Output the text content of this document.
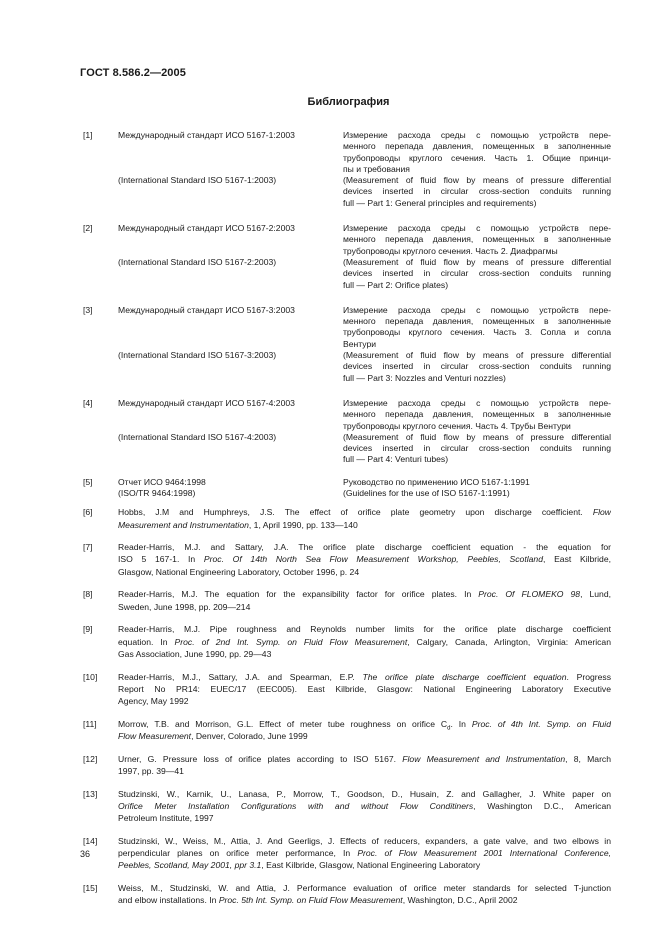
ГОСТ 8.586.2—2005
Библиография
[1]	Международный стандарт ИСО 5167-1:2003	Измерение расхода среды с помощью устройств пере-
менного перепада давления, помещенных в заполненные
трубопроводы круглого сечения. Часть 1. Общие принци-
пы и требования
(International Standard ISO 5167-1:2003)	(Measurement of fluid flow by means of pressure differential
devices inserted in circular cross-section conduits running
full — Part 1: General principles and requirements)
[2]	Международный стандарт ИСО 5167-2:2003	Измерение расхода среды с помощью устройств пере-
менного перепада давления, помещенных в заполненные
трубопроводы круглого сечения. Часть 2. Диафрагмы
(International Standard ISO 5167-2:2003)	(Measurement of fluid flow by means of pressure differential
devices inserted in circular cross-section conduits running
full — Part 2: Orifice plates)
[3]	Международный стандарт ИСО 5167-3:2003	Измерение расхода среды с помощью устройств пере-
менного перепада давления, помещенных в заполненные
трубопроводы круглого сечения. Часть 3. Сопла и сопла
Вентури
(International Standard ISO 5167-3:2003)	(Measurement of fluid flow by means of pressure differential
devices inserted in circular cross-section conduits running
full — Part 3: Nozzles and Venturi nozzles)
[4]	Международный стандарт ИСО 5167-4:2003	Измерение расхода среды с помощью устройств пере-
менного перепада давления, помещенных в заполненные
трубопроводы круглого сечения. Часть 4. Трубы Вентури
(International Standard ISO 5167-4:2003)	(Measurement of fluid flow by means of pressure differential
devices inserted in circular cross-section conduits running
full — Part 4: Venturi tubes)
[5]	Отчет ИСО 9464:1998	Руководство по применению ИСО 5167-1:1991
(ISO/TR 9464:1998)	(Guidelines for the use of ISO 5167-1:1991)
[6]	Hobbs, J.M and Humphreys, J.S. The effect of orifice plate geometry upon discharge coefficient. Flow
Measurement and Instrumentation, 1, April 1990, pp. 133—140
[7]	Reader-Harris, M.J. and Sattary, J.A. The orifice plate discharge coefficient equation - the equation for
ISO 5 167-1. In Proc. Of 14th North Sea Flow Measurement Workshop, Peebles, Scotland, East Kilbride,
Glasgow, National Engineering Laboratory, October 1996, p. 24
[8]	Reader-Harris, M.J. The equation for the expansibility factor for orifice plates. In Proc. Of FLOMEKO 98, Lund,
Sweden, June 1998, pp. 209—214
[9]	Reader-Harris, M.J. Pipe roughness and Reynolds number limits for the orifice plate discharge coefficient
equation. In Proc. of 2nd Int. Symp. on Fluid Flow Measurement, Calgary, Canada, Arlington, Virginia: American
Gas Association, June 1990, pp. 29—43
[10] Reader-Harris, M.J., Sattary, J.A. and Spearman, E.P. The orifice plate discharge coefficient equation. Progress
Report No PR14: EUEC/17 (EEC005). East Kilbride, Glasgow: National Engineering Laboratory Executive
Agency, May 1992
[11] Morrow, T.B. and Morrison, G.L. Effect of meter tube roughness on orifice $C_d$. In Proc. of 4th Int. Symp. on Fluid
Flow Measurement, Denver, Colorado, June 1999
[12] Urner, G. Pressure loss of orifice plates according to ISO 5167. Flow Measurement and Instrumentation, 8, March
1997, pp. 39—41
[13] Studzinski, W., Karnik, U., Lanasa, P., Morrow, T., Goodson, D., Husain, Z. and Gallagher, J. White paper on
Orifice Meter Installation Configurations with and without Flow Conditiners, Washington D.C., American
Petroleum Institute, 1997
[14] Studzinski, W., Weiss, M., Attia, J. And Geerligs, J. Effects of reducers, expanders, a gate valve, and two elbows in
perpendicular planes on orifice meter performance, In Proc. of Flow Measurement 2001 International Conference,
Peebles, Scotland, May 2001, ppr 3.1, East Kilbride, Glasgow, National Engineering Laboratory
[15] Weiss, M., Studzinski, W. and Attia, J. Performance evaluation of orifice meter standards for selected T-junction
and elbow installations. In Proc. 5th Int. Symp. on Fluid Flow Measurement, Washington, D.C., April 2002
36
